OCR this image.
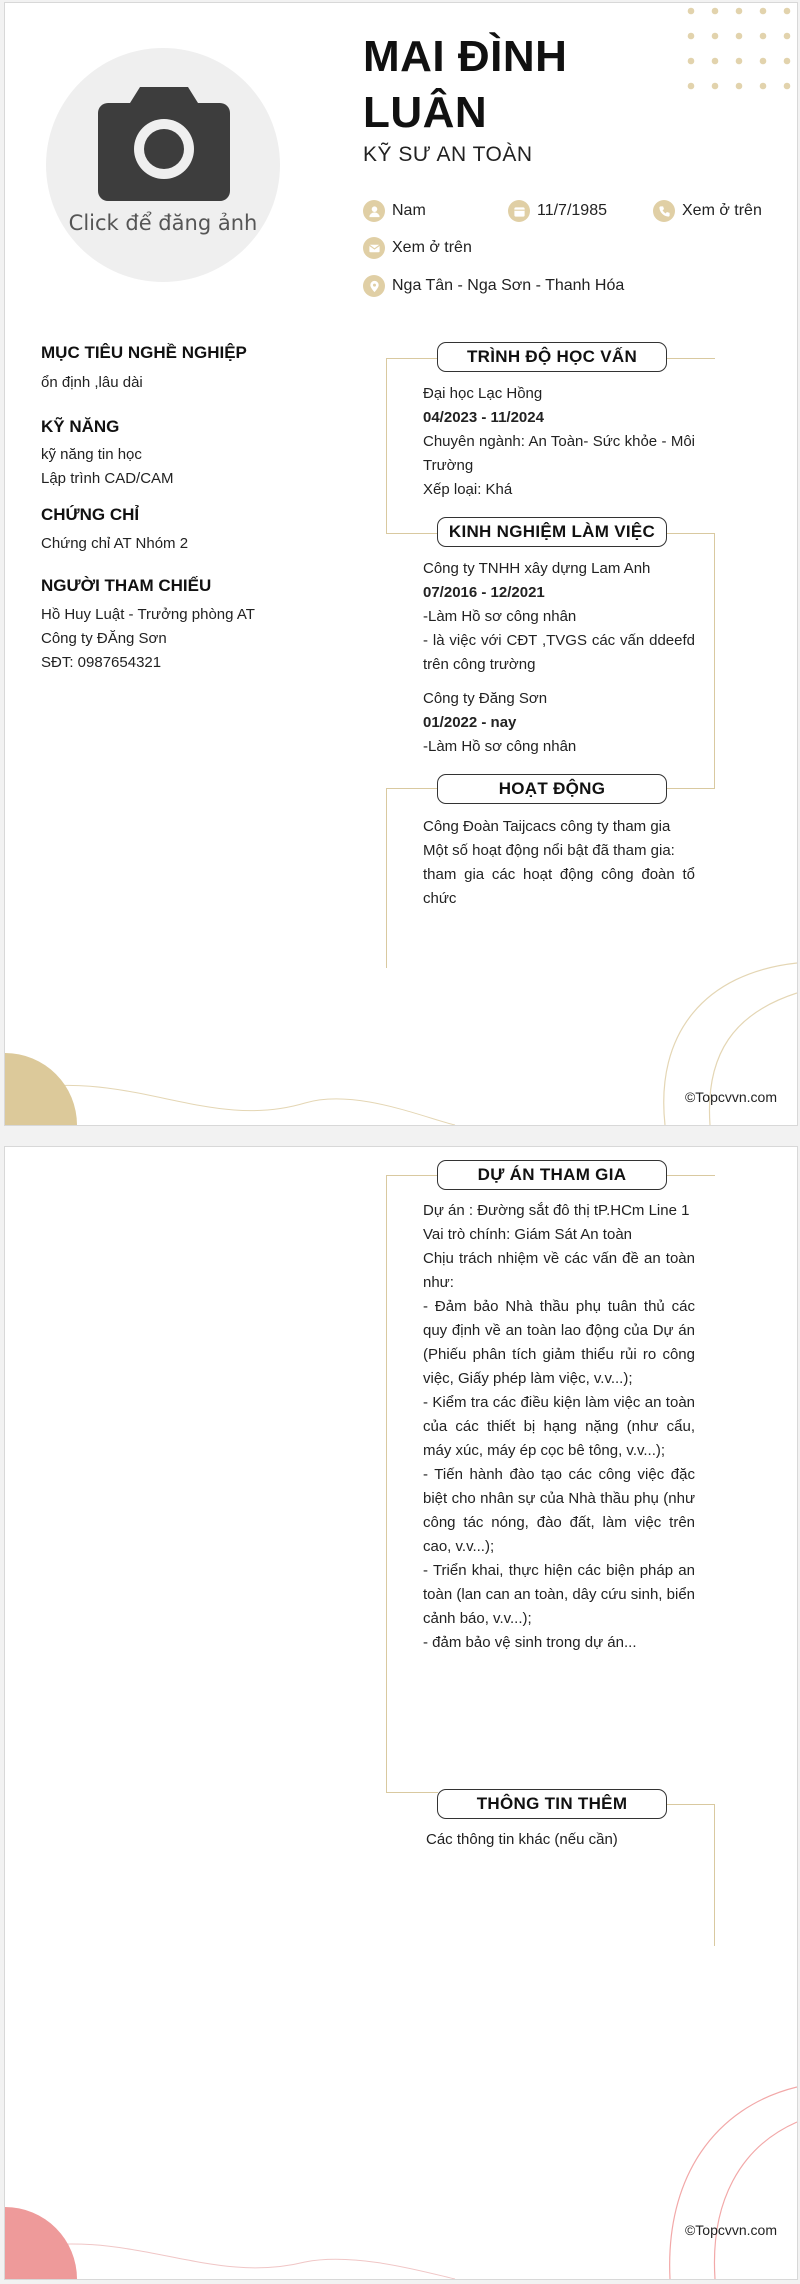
Click để đăng ảnh
MAI ĐÌNH
LUÂN
KỸ SƯ AN TOÀN
Nam	11/7/1985	Xem ở trên
Xem ở trên
Nga Tân - Nga Sơn - Thanh Hóa
MỤC TIÊU NGHỀ NGHIỆP
ổn định ,lâu dài
KỸ NĂNG
kỹ năng tin học
Lập trình CAD/CAM
CHỨNG CHỈ
Chứng chỉ AT Nhóm 2
NGƯỜI THAM CHIẾU
Hồ Huy Luật - Trưởng phòng AT
Công ty ĐĂng Sơn
SĐT: 0987654321
TRÌNH ĐỘ HỌC VẤN
Đại học Lạc Hồng
04/2023 - 11/2024
Chuyên ngành: An Toàn- Sức khỏe - Môi Trường
Xếp loại: Khá
KINH NGHIỆM LÀM VIỆC
Công ty TNHH xây dựng Lam Anh
07/2016 - 12/2021
-Làm Hồ sơ công nhân
- là việc với CĐT ,TVGS các vấn ddeefd trên công trường
Công ty Đăng Sơn
01/2022 - nay
-Làm Hồ sơ công nhân
HOẠT ĐỘNG
Công Đoàn Taijcacs công ty tham gia
Một số hoạt động nổi bật đã tham gia:
tham gia các hoạt động công đoàn tổ chức
©Topcvvn.com
DỰ ÁN THAM GIA
Dự án : Đường sắt đô thị tP.HCm Line 1
Vai trò chính: Giám Sát An toàn
Chịu trách nhiệm về các vấn đề an toàn như:
- Đảm bảo Nhà thầu phụ tuân thủ các quy định về an toàn lao động của Dự án (Phiếu phân tích giảm thiểu rủi ro công việc, Giấy phép làm việc, v.v...);
- Kiểm tra các điều kiện làm việc an toàn của các thiết bị hạng nặng (như cẩu, máy xúc, máy ép cọc bê tông, v.v...);
- Tiến hành đào tạo các công việc đặc biệt cho nhân sự của Nhà thầu phụ (như công tác nóng, đào đất, làm việc trên cao, v.v...);
- Triển khai, thực hiện các biện pháp an toàn (lan can an toàn, dây cứu sinh, biển cảnh báo, v.v...);
- đảm bảo vệ sinh trong dự án...
THÔNG TIN THÊM
Các thông tin khác (nếu cần)
©Topcvvn.com
